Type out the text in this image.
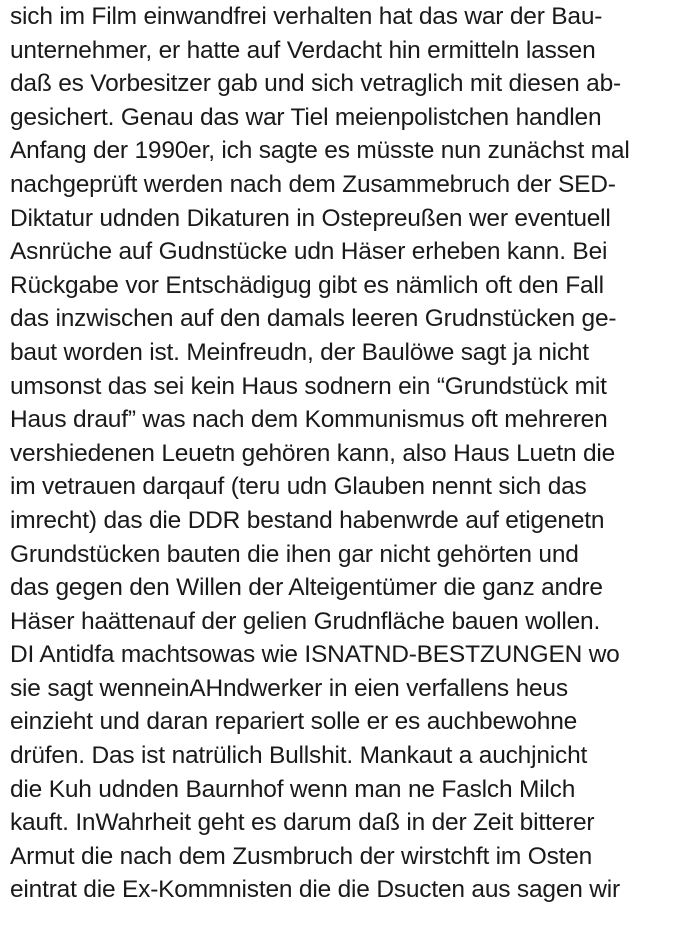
sich im Film einwandfrei verhalten hat das war der Bau-
unternehmer, er hatte auf Verdacht hin ermitteln lassen
daß es Vorbesitzer gab und sich vetraglich mit diesen ab-
gesichert. Genau das war Tiel meienpolistchen handlen
Anfang der 1990er, ich sagte es müsste nun zunächst mal
nachgeprüft werden nach dem Zusammebruch der SED-
Diktatur udnden Dikaturen in Ostepreußen wer eventuell
Asnrüche auf Gudnstücke udn Häser erheben kann. Bei
Rückgabe vor Entschädigug gibt es nämlich oft den Fall
das inzwischen auf den damals leeren Grudnstücken ge-
baut worden ist. Meinfreudn, der Baulöwe sagt ja nicht
umsonst das sei kein Haus sodnern ein “Grundstück mit
Haus drauf” was nach dem Kommunismus oft mehreren
vershiedenen Leuetn gehören kann, also Haus Luetn die
im vetrauen darqauf (teru udn Glauben nennt sich das
imrecht) das die DDR bestand habenwrde auf etigenetn
Grundstücken bauten die ihen gar nicht gehörten und
das gegen den Willen der Alteigentümer die ganz andre
Häser haättenauf der gelien Grudnfläche bauen wollen.
DI Antidfa machtsowas wie ISNATND-BESTZUNGEN wo
sie sagt wenneinAHndwerker in eien verfallens heus
einzieht und daran repariert solle er es auchbewohne
drüfen. Das ist natrülich Bullshit. Mankaut a auchjnicht
die Kuh udnden Baurnhof wenn man ne Faslch Milch
kauft. InWahrheit geht es darum daß in der Zeit bitterer
Armut die nach dem Zusmbruch der wirstchft im Osten
eintrat die Ex-Kommnisten die die Dsucten aus sagen wir
